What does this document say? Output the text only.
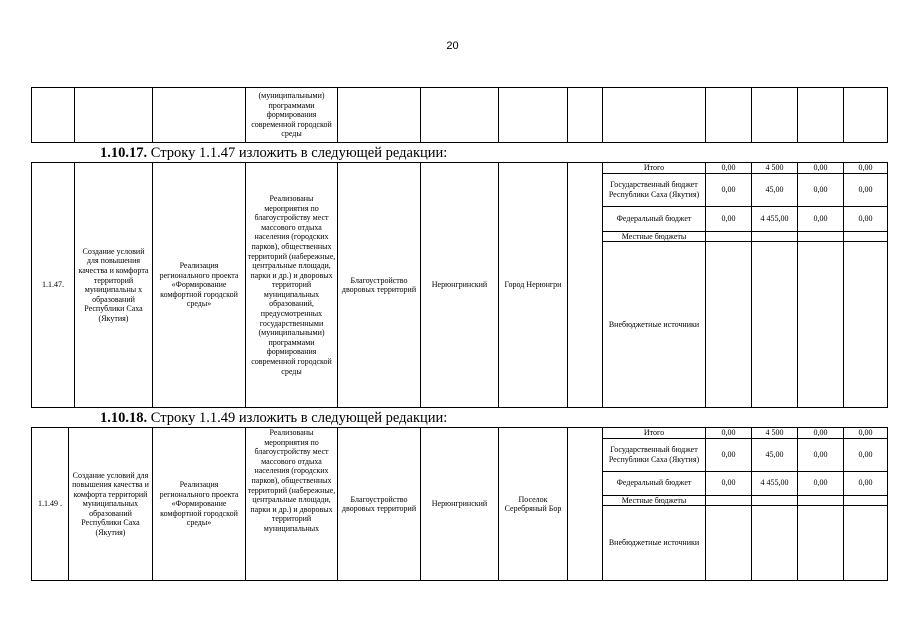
20
			(муниципальными) программами формирования современной городской среды									
1.10.17. Строку 1.1.47 изложить в следующей редакции:
1.1.47.	Создание условий для повышения качества и комфорта территорий муниципальны х образований Республики Саха (Якутия)	Реализация регионального проекта «Формирование комфортной городской среды»	Реализованы мероприятия по благоустройству мест массового отдыха населения (городских парков), общественных территорий (набережные, центральные площади, парки и др.) и дворовых территорий муниципальных образований, предусмотренных государственными (муниципальными) программами формирования современной городской среды	Благоустройство дворовых территорий	Нерюнгринский	Город Нерюнгри		Итого	0,00	4 500	0,00	0,00
								Государственный бюджет Республики Саха (Якутия)	0,00	45,00	0,00	0,00
								Федеральный бюджет	0,00	4 455,00	0,00	0,00
								Местные бюджеты				
								Внебюджетные источники				
1.10.18. Строку 1.1.49 изложить в следующей редакции:
1.1.49 .	Создание условий для повышения качества и комфорта территорий муниципальных образований Республики Саха (Якутия)	Реализация регионального проекта «Формирование комфортной городской среды»	Реализованы мероприятия по благоустройству мест массового отдыха населения (городских парков), общественных территорий (набережные, центральные площади, парки и др.) и дворовых территорий муниципальных	Благоустройство дворовых территорий	Нерюнгринский	Поселок Серебряный Бор		Итого	0,00	4 500	0,00	0,00
								Государственный бюджет Республики Саха (Якутия)	0,00	45,00	0,00	0,00
								Федеральный бюджет	0,00	4 455,00	0,00	0,00
								Местные бюджеты				
								Внебюджетные источники				
